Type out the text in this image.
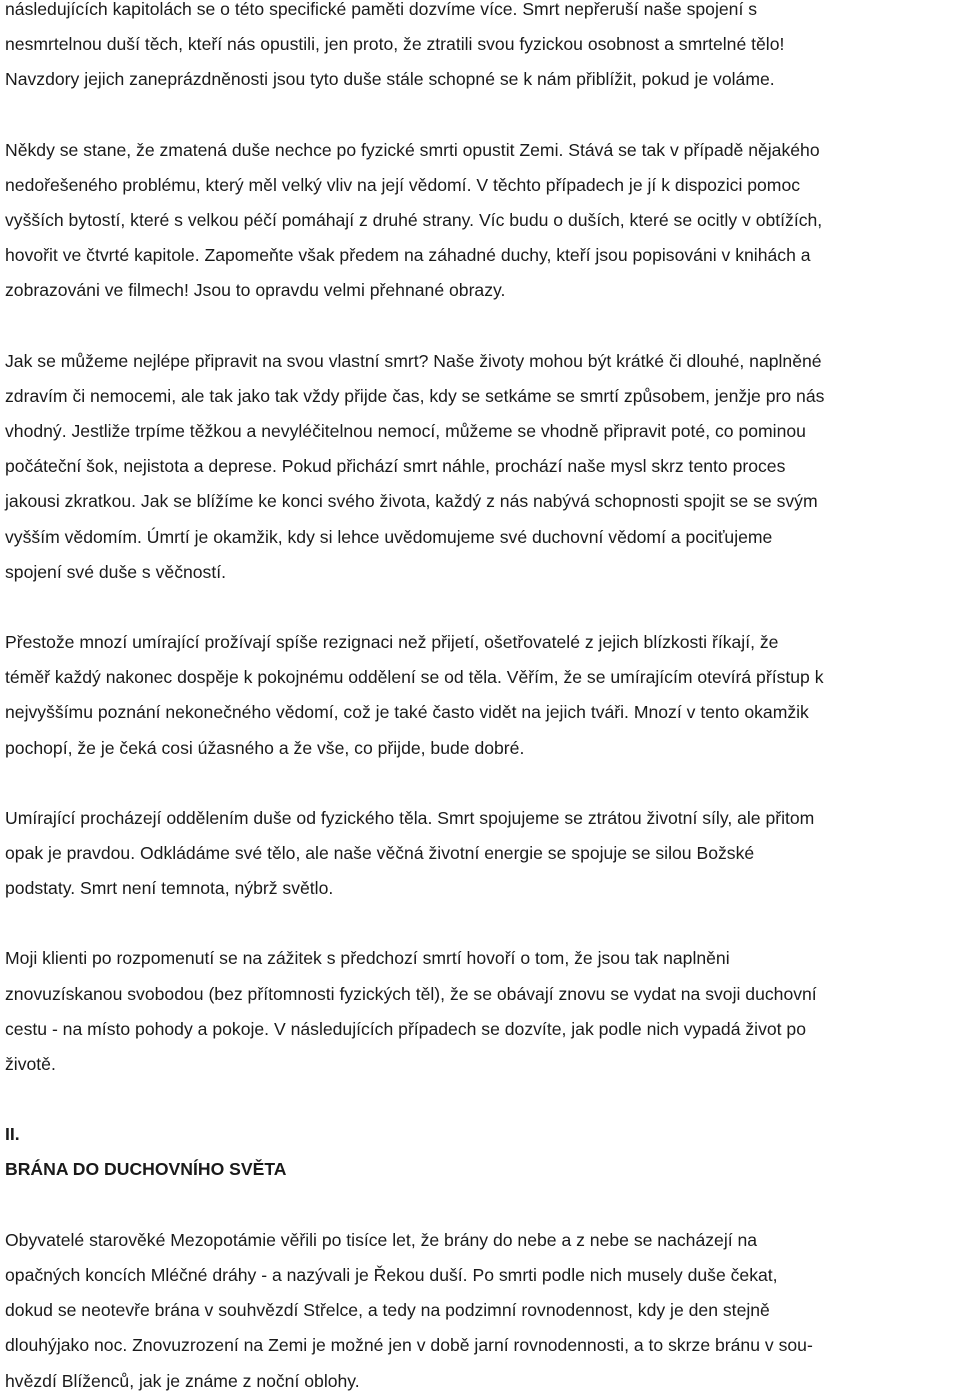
následujících kapitolách se o této specifické paměti dozvíme více. Smrt nepřeruší naše spojení s
nesmrtelnou duší těch, kteří nás opustili, jen proto, že ztratili svou fyzickou osobnost a smrtelné tělo!
Navzdory jejich zaneprázdněnosti jsou tyto duše stále schopné se k nám přiblížit, pokud je voláme.

Někdy se stane, že zmatená duše nechce po fyzické smrti opustit Zemi. Stává se tak v případě nějakého
nedořešeného problému, který měl velký vliv na její vědomí. V těchto případech je jí k dispozici pomoc
vyšších bytostí, které s velkou péčí pomáhají z druhé strany. Víc budu o duších, které se ocitly v obtížích,
hovořit ve čtvrté kapitole. Zapomeňte však předem na záhadné duchy, kteří jsou popisováni v knihách a
zobrazováni ve filmech! Jsou to opravdu velmi přehnané obrazy.

Jak se můžeme nejlépe připravit na svou vlastní smrt? Naše životy mohou být krátké či dlouhé, naplněné
zdravím či nemocemi, ale tak jako tak vždy přijde čas, kdy se setkáme se smrtí způsobem, jenžje pro nás
vhodný. Jestliže trpíme těžkou a nevyléčitelnou nemocí, můžeme se vhodně připravit poté, co pominou
počáteční šok, nejistota a deprese. Pokud přichází smrt náhle, prochází naše mysl skrz tento proces
jakousi zkratkou. Jak se blížíme ke konci svého života, každý z nás nabývá schopnosti spojit se se svým
vyšším vědomím. Úmrtí je okamžik, kdy si lehce uvědomujeme své duchovní vědomí a pociťujeme
spojení své duše s věčností.

Přestože mnozí umírající prožívají spíše rezignaci než přijetí, ošetřovatelé z jejich blízkosti říkají, že
téměř každý nakonec dospěje k pokojnému oddělení se od těla. Věřím, že se umírajícím otevírá přístup k
nejvyššímu poznání nekonečného vědomí, což je také často vidět na jejich tváři. Mnozí v tento okamžik
pochopí, že je čeká cosi úžasného a že vše, co přijde, bude dobré.

Umírající procházejí oddělením duše od fyzického těla. Smrt spojujeme se ztrátou životní síly, ale přitom
opak je pravdou. Odkládáme své tělo, ale naše věčná životní energie se spojuje se silou Božské
podstaty. Smrt není temnota, nýbrž světlo.

Moji klienti po rozpomenutí se na zážitek s předchozí smrtí hovoří o tom, že jsou tak naplněni
znovuzískanou svobodou (bez přítomnosti fyzických těl), že se obávají znovu se vydat na svoji duchovní
cestu - na místo pohody a pokoje. V následujících případech se dozvíte, jak podle nich vypadá život po
životě.

II.

BRÁNA DO DUCHOVNÍHO SVĚTA

Obyvatelé starověké Mezopotámie věřili po tisíce let, že brány do nebe a z nebe se nacházejí na
opačných koncích Mléčné dráhy - a nazývali je Řekou duší. Po smrti podle nich musely duše čekat,
dokud se neotevře brána v souhvězdí Střelce, a tedy na podzimní rovnodennost, kdy je den stejně
dlouhýjako noc. Znovuzrození na Zemi je možné jen v době jarní rovnodennosti, a to skrze bránu v sou-
hvězdí Blíženců, jak je známe z noční oblohy.
